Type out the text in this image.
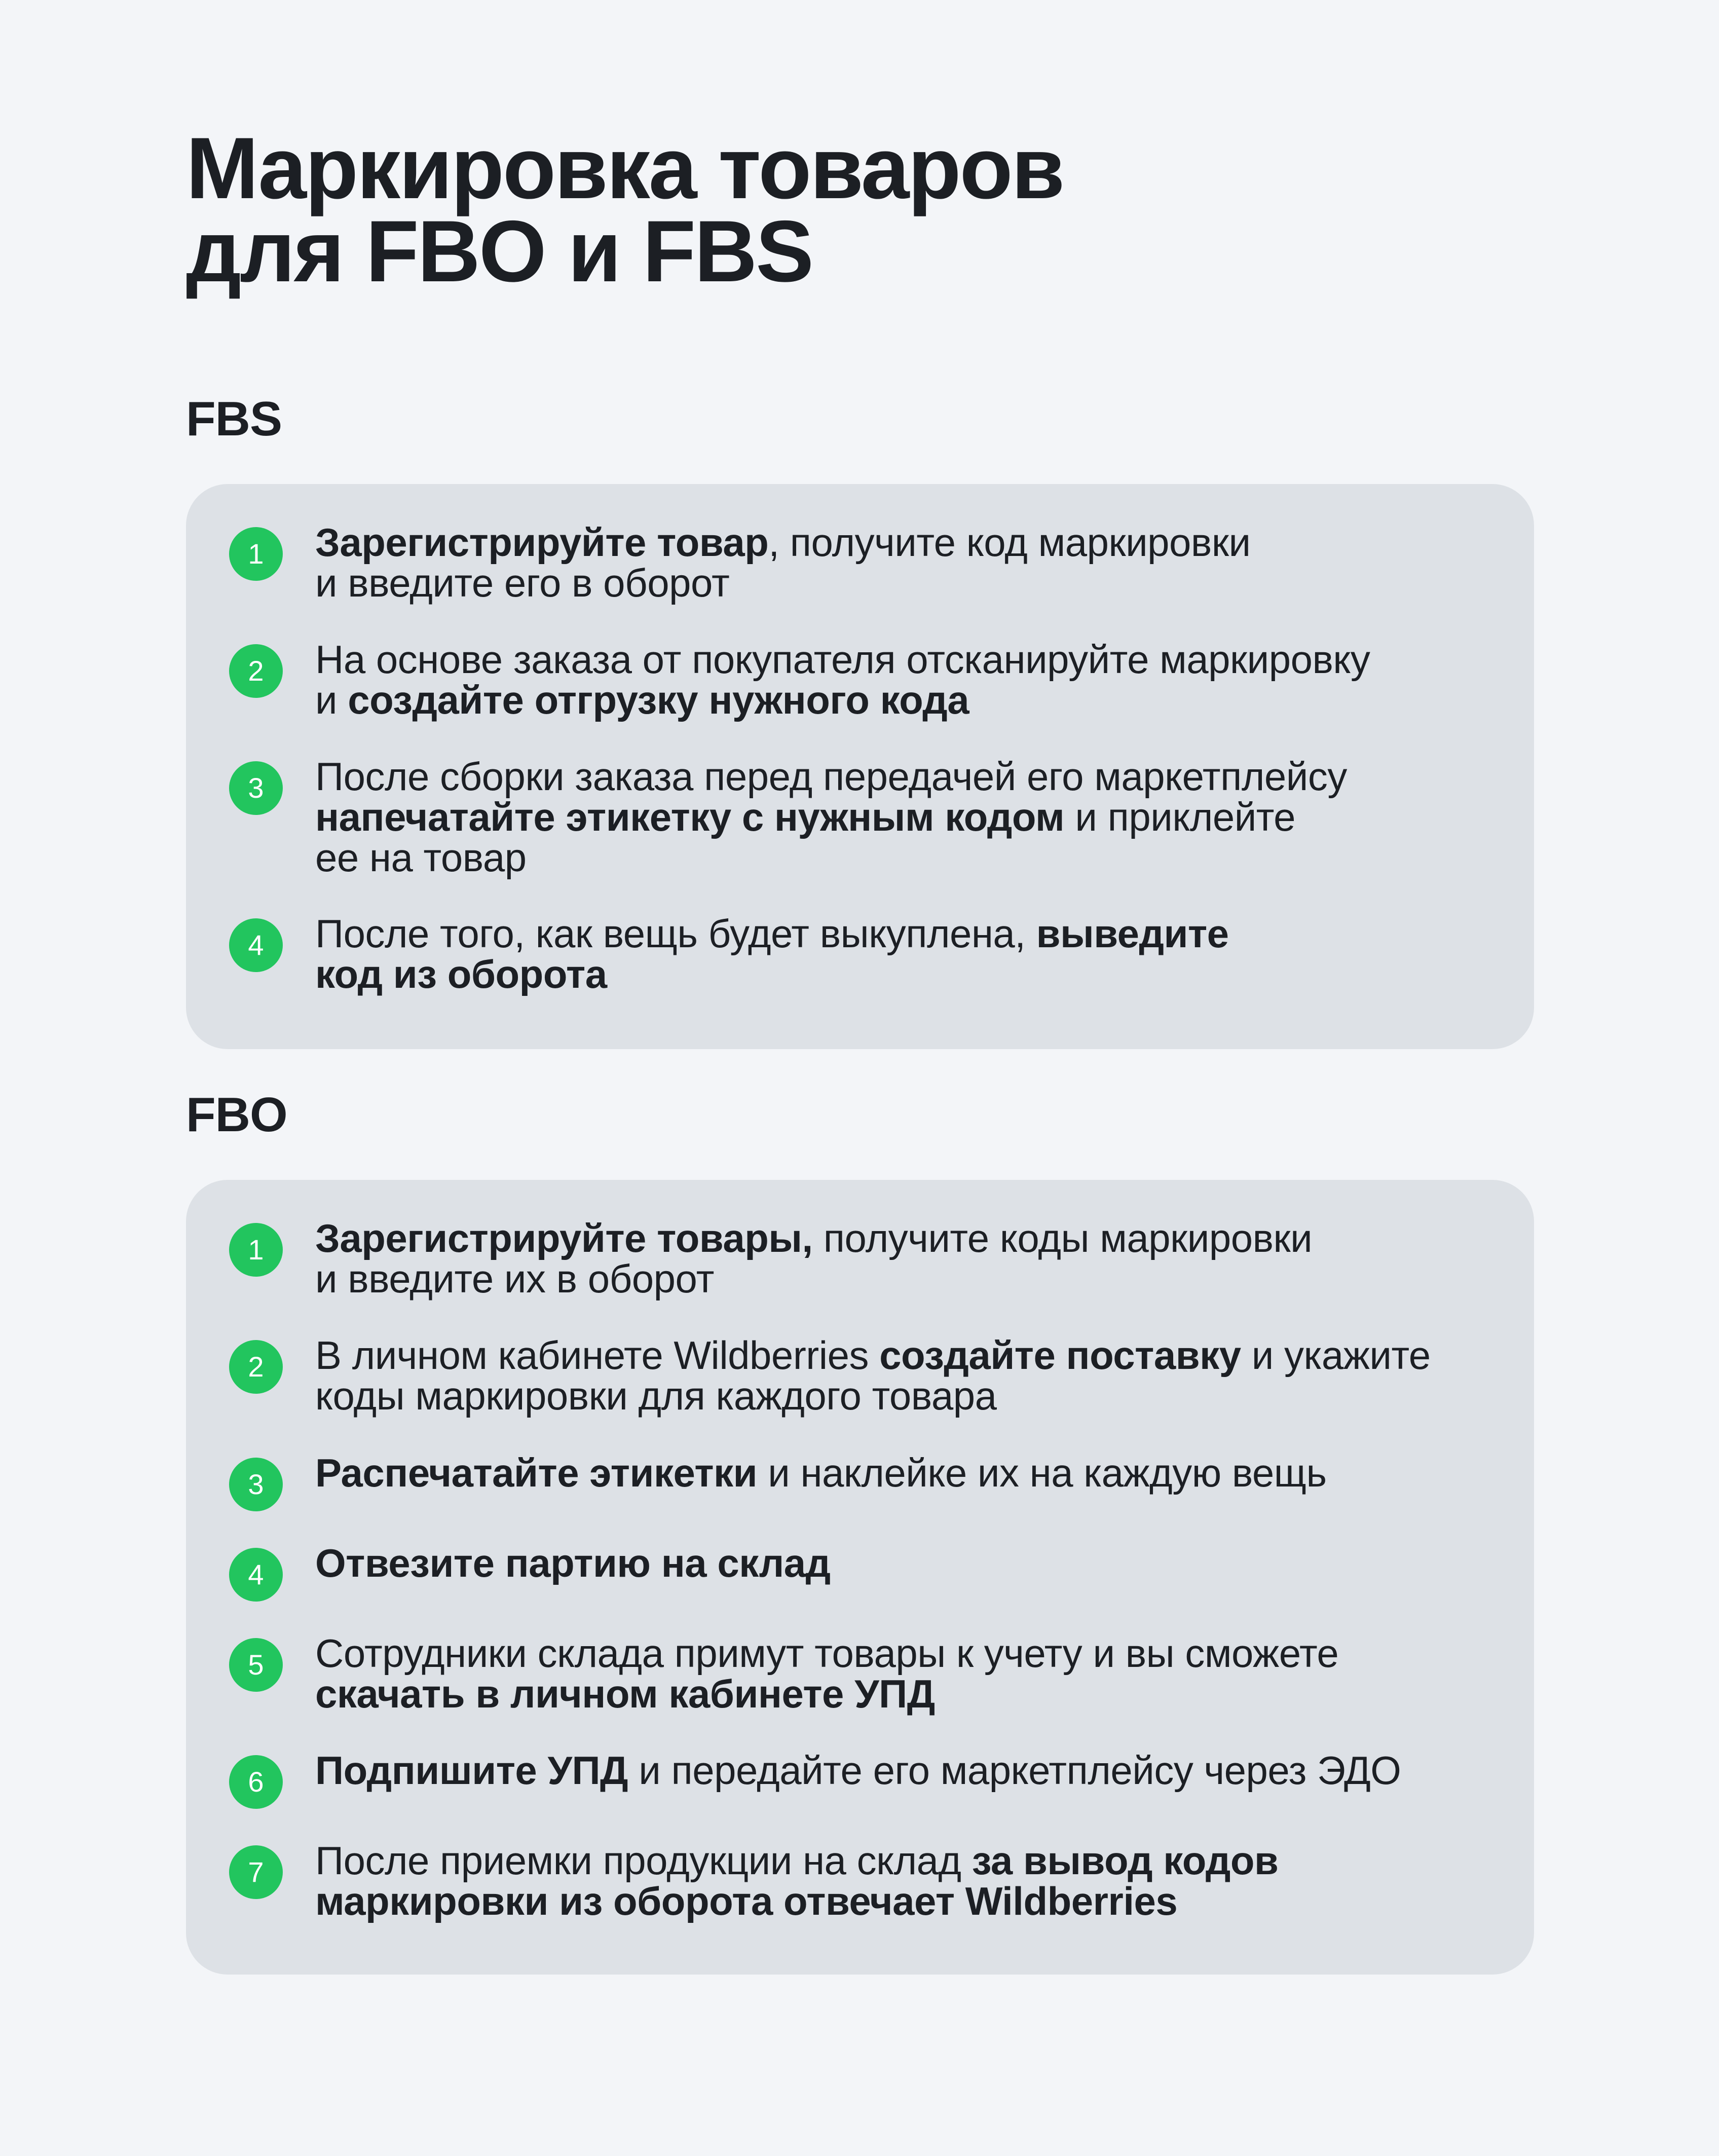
Маркировка товаров
для FBO и FBS
FBS
1	Зарегистрируйте товар, получите код маркировки
и введите его в оборот
2	На основе заказа от покупателя отсканируйте маркировку
и создайте отгрузку нужного кода
3	После сборки заказа перед передачей его маркетплейсу
напечатайте этикетку с нужным кодом и приклейте
ее на товар
4	После того, как вещь будет выкуплена, выведите
код из оборота
FBO
1	Зарегистрируйте товары, получите коды маркировки
и введите их в оборот
2	В личном кабинете Wildberries создайте поставку и укажите
коды маркировки для каждого товара
3	Распечатайте этикетки и наклейке их на каждую вещь
4	Отвезите партию на склад
5	Сотрудники склада примут товары к учету и вы сможете
скачать в личном кабинете УПД
6	Подпишите УПД и передайте его маркетплейсу через ЭДО
7	После приемки продукции на склад за вывод кодов
маркировки из оборота отвечает Wildberries
